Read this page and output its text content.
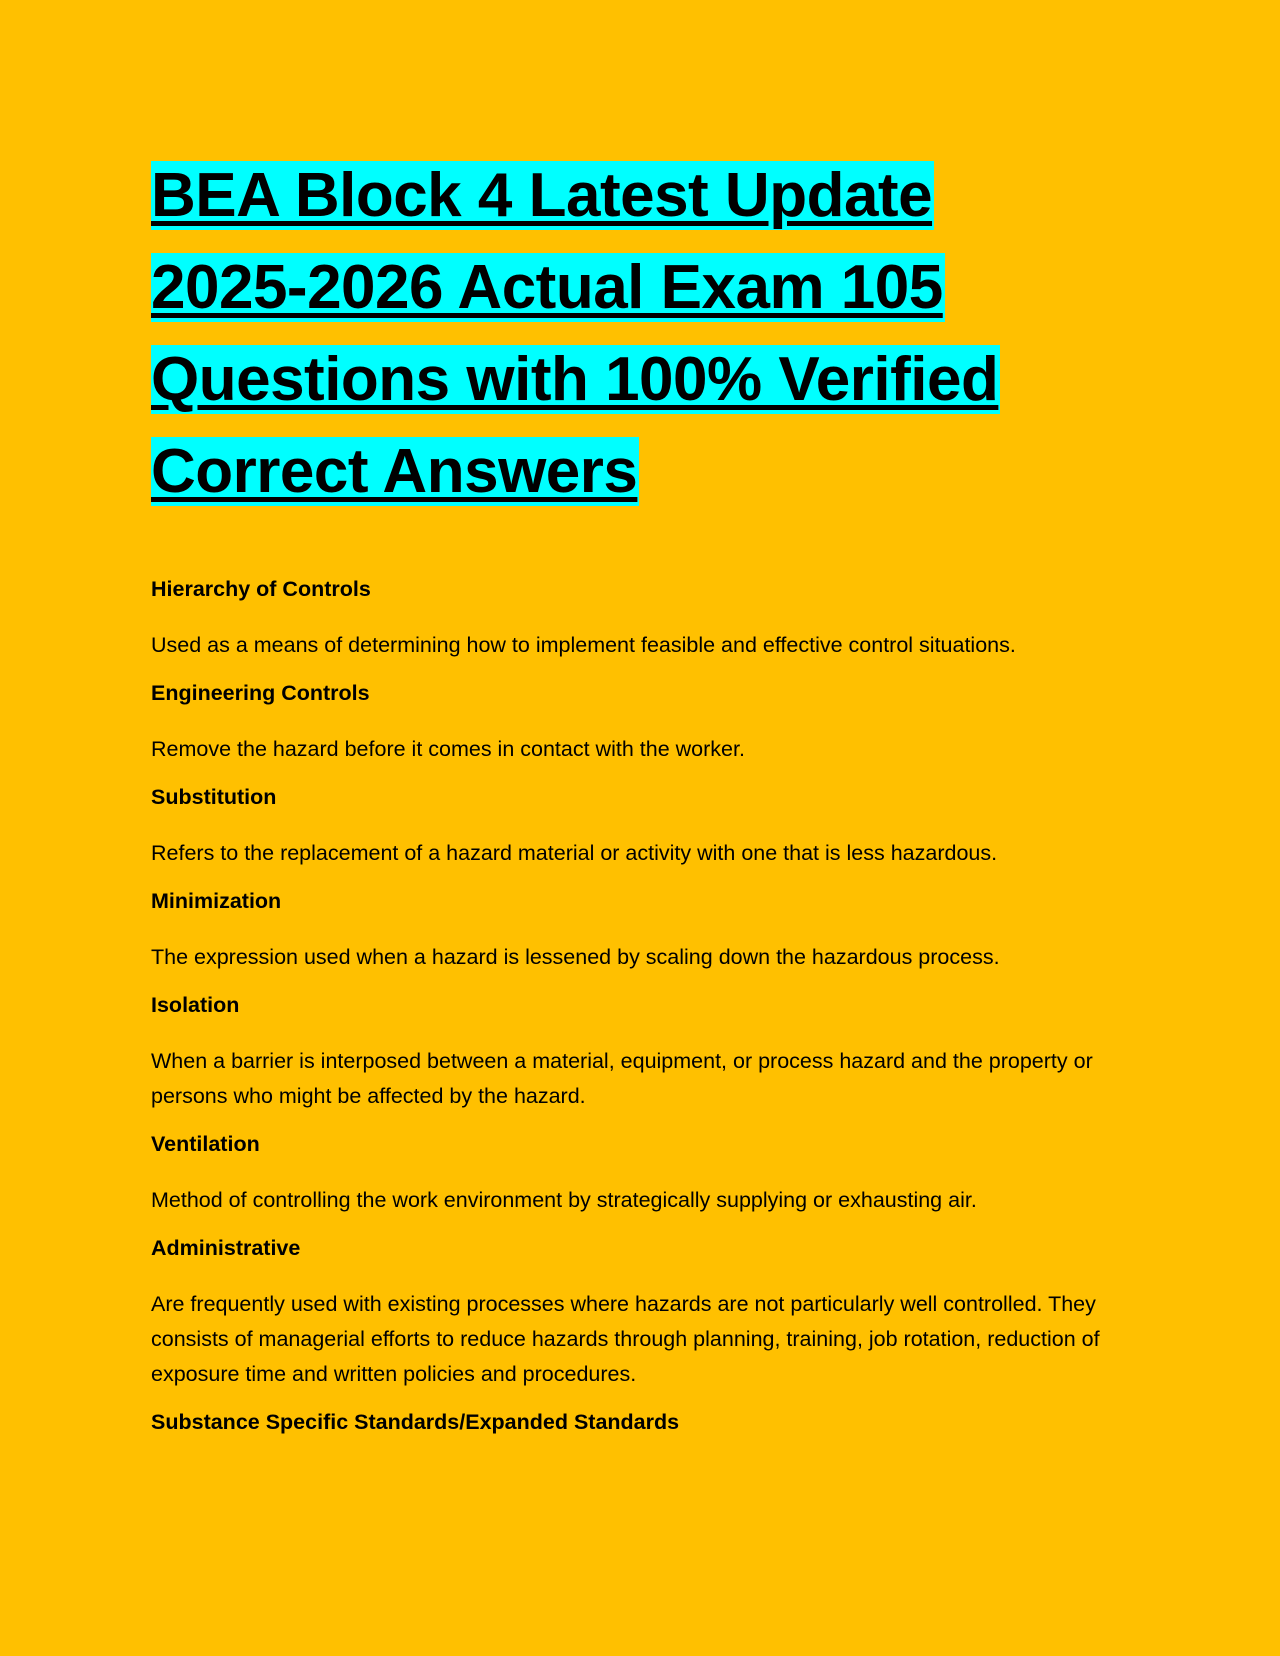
BEA Block 4 Latest Update
2025-2026 Actual Exam 105
Questions with 100% Verified
Correct Answers

Hierarchy of Controls

Used as a means of determining how to implement feasible and effective control situations.

Engineering Controls

Remove the hazard before it comes in contact with the worker.

Substitution

Refers to the replacement of a hazard material or activity with one that is less hazardous.

Minimization

The expression used when a hazard is lessened by scaling down the hazardous process.

Isolation

When a barrier is interposed between a material, equipment, or process hazard and the property or persons who might be affected by the hazard.

Ventilation

Method of controlling the work environment by strategically supplying or exhausting air.

Administrative

Are frequently used with existing processes where hazards are not particularly well controlled. They consists of managerial efforts to reduce hazards through planning, training, job rotation, reduction of exposure time and written policies and procedures.

Substance Specific Standards/Expanded Standards
